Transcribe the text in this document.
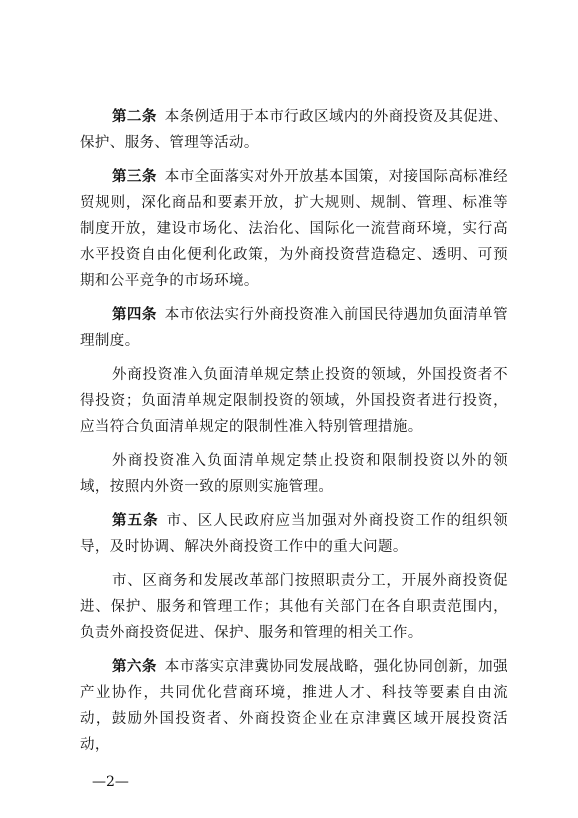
第二条 本条例适用于本市行政区域内的外商投资及其促进、保护、服务、管理等活动。

第三条 本市全面落实对外开放基本国策，对接国际高标准经贸规则，深化商品和要素开放，扩大规则、规制、管理、标准等制度开放，建设市场化、法治化、国际化一流营商环境，实行高水平投资自由化便利化政策，为外商投资营造稳定、透明、可预期和公平竞争的市场环境。

第四条 本市依法实行外商投资准入前国民待遇加负面清单管理制度。

外商投资准入负面清单规定禁止投资的领域，外国投资者不得投资；负面清单规定限制投资的领域，外国投资者进行投资，应当符合负面清单规定的限制性准入特别管理措施。

外商投资准入负面清单规定禁止投资和限制投资以外的领域，按照内外资一致的原则实施管理。

第五条 市、区人民政府应当加强对外商投资工作的组织领导，及时协调、解决外商投资工作中的重大问题。

市、区商务和发展改革部门按照职责分工，开展外商投资促进、保护、服务和管理工作；其他有关部门在各自职责范围内，负责外商投资促进、保护、服务和管理的相关工作。

第六条 本市落实京津冀协同发展战略，强化协同创新，加强产业协作，共同优化营商环境，推进人才、科技等要素自由流动，鼓励外国投资者、外商投资企业在京津冀区域开展投资活动，

—2—
